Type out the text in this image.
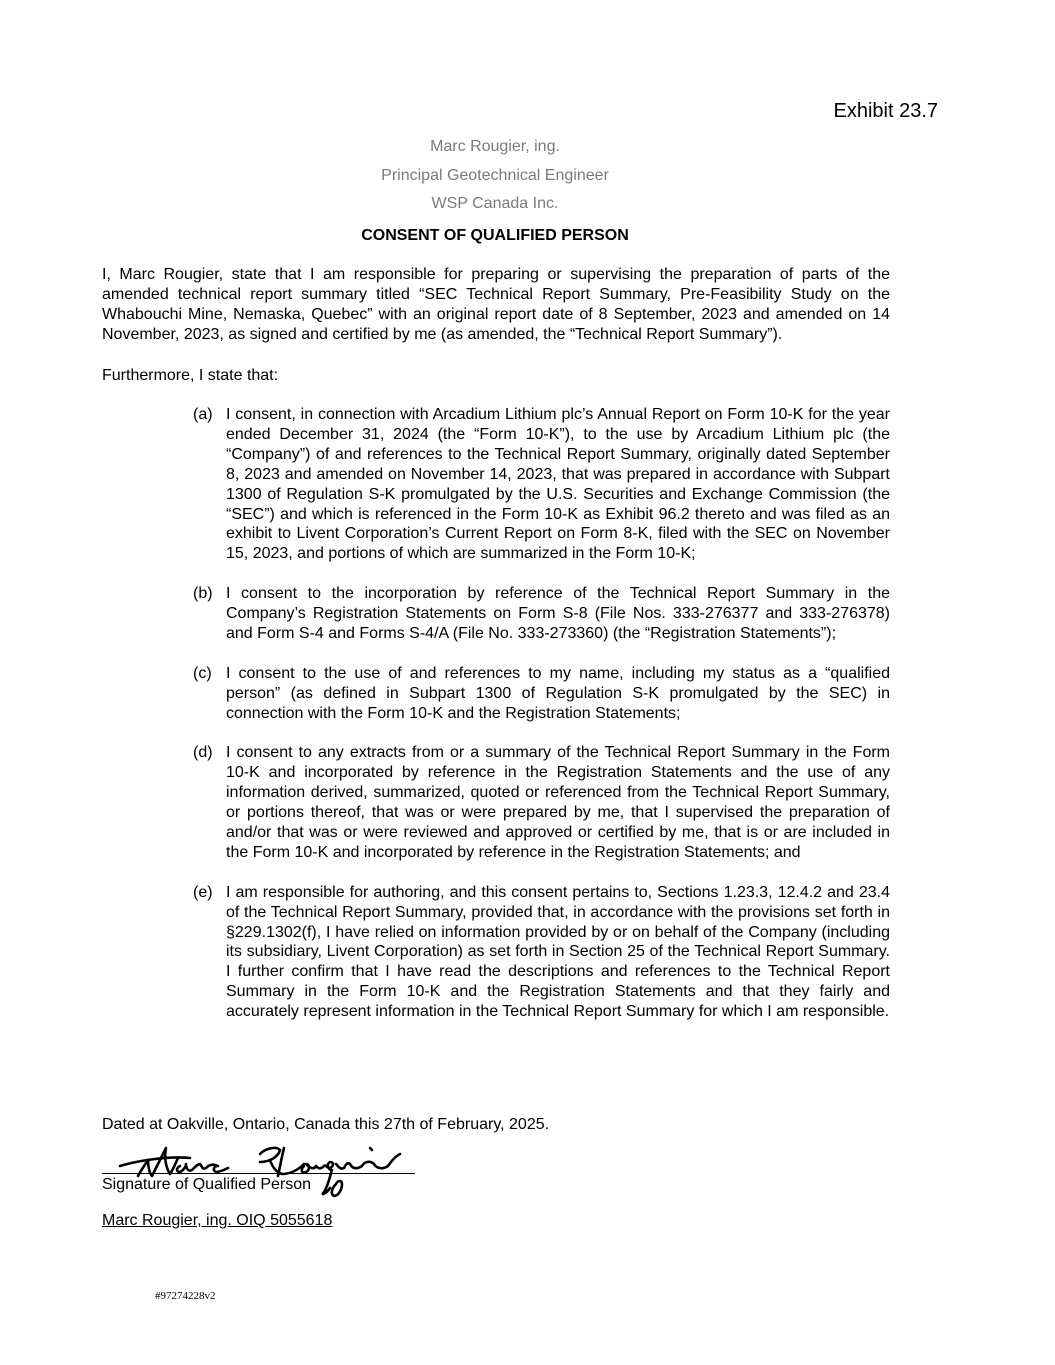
Exhibit 23.7
Marc Rougier, ing.
Principal Geotechnical Engineer
WSP Canada Inc.
CONSENT OF QUALIFIED PERSON
I, Marc Rougier, state that I am responsible for preparing or supervising the preparation of parts of the amended technical report summary titled “SEC Technical Report Summary, Pre-Feasibility Study on the Whabouchi Mine, Nemaska, Quebec” with an original report date of 8 September, 2023 and amended on 14 November, 2023, as signed and certified by me (as amended, the “Technical Report Summary”).
Furthermore, I state that:
(a) I consent, in connection with Arcadium Lithium plc’s Annual Report on Form 10-K for the year ended December 31, 2024 (the “Form 10-K”), to the use by Arcadium Lithium plc (the “Company”) of and references to the Technical Report Summary, originally dated September 8, 2023 and amended on November 14, 2023, that was prepared in accordance with Subpart 1300 of Regulation S-K promulgated by the U.S. Securities and Exchange Commission (the “SEC”) and which is referenced in the Form 10-K as Exhibit 96.2 thereto and was filed as an exhibit to Livent Corporation’s Current Report on Form 8-K, filed with the SEC on November 15, 2023, and portions of which are summarized in the Form 10-K;
(b) I consent to the incorporation by reference of the Technical Report Summary in the Company’s Registration Statements on Form S-8 (File Nos. 333-276377 and 333-276378) and Form S-4 and Forms S-4/A (File No. 333-273360) (the “Registration Statements”);
(c) I consent to the use of and references to my name, including my status as a “qualified person” (as defined in Subpart 1300 of Regulation S-K promulgated by the SEC) in connection with the Form 10-K and the Registration Statements;
(d) I consent to any extracts from or a summary of the Technical Report Summary in the Form 10-K and incorporated by reference in the Registration Statements and the use of any information derived, summarized, quoted or referenced from the Technical Report Summary, or portions thereof, that was or were prepared by me, that I supervised the preparation of and/or that was or were reviewed and approved or certified by me, that is or are included in the Form 10-K and incorporated by reference in the Registration Statements; and
(e) I am responsible for authoring, and this consent pertains to, Sections 1.23.3, 12.4.2 and 23.4 of the Technical Report Summary, provided that, in accordance with the provisions set forth in §229.1302(f), I have relied on information provided by or on behalf of the Company (including its subsidiary, Livent Corporation) as set forth in Section 25 of the Technical Report Summary. I further confirm that I have read the descriptions and references to the Technical Report Summary in the Form 10-K and the Registration Statements and that they fairly and accurately represent information in the Technical Report Summary for which I am responsible.
Dated at Oakville, Ontario, Canada this 27th of February, 2025.
Signature of Qualified Person
Marc Rougier, ing. OIQ 5055618
#97274228v2
